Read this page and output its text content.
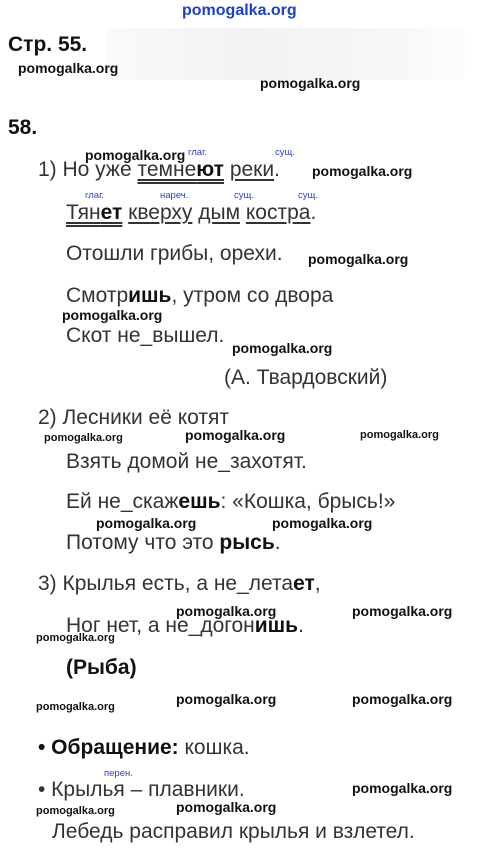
pomogalka.org
pomogalka.org
pomogalka.org
pomogalka.org
pomogalka.org
pomogalka.org
pomogalka.org
pomogalka.org
pomogalka.org	pomogalka.org	pomogalka.org
pomogalka.org	pomogalka.org
pomogalka.org	pomogalka.org
pomogalka.org
pomogalka.org	pomogalka.org
pomogalka.org
pomogalka.org
pomogalka.org
pomogalka.org
Стр. 55.
58.
глаг.	сущ.
1) Но уже темнеют реки.
глаг.	нареч.	сущ.	сущ.
Тянет кверху дым костра.
Отошли грибы, орехи.
Смотришь, утром со двора
Скот не_вышел.
(А. Твардовский)
2) Лесники её котят
Взять домой не_захотят.
Ей не_скажешь: «Кошка, брысь!»
Потому что это рысь.
3) Крылья есть, а не_летает,
Ног нет, а не_догонишь.
(Рыба)
• Обращение: кошка.
перен.
• Крылья – плавники.
Лебедь расправил крылья и взлетел.
